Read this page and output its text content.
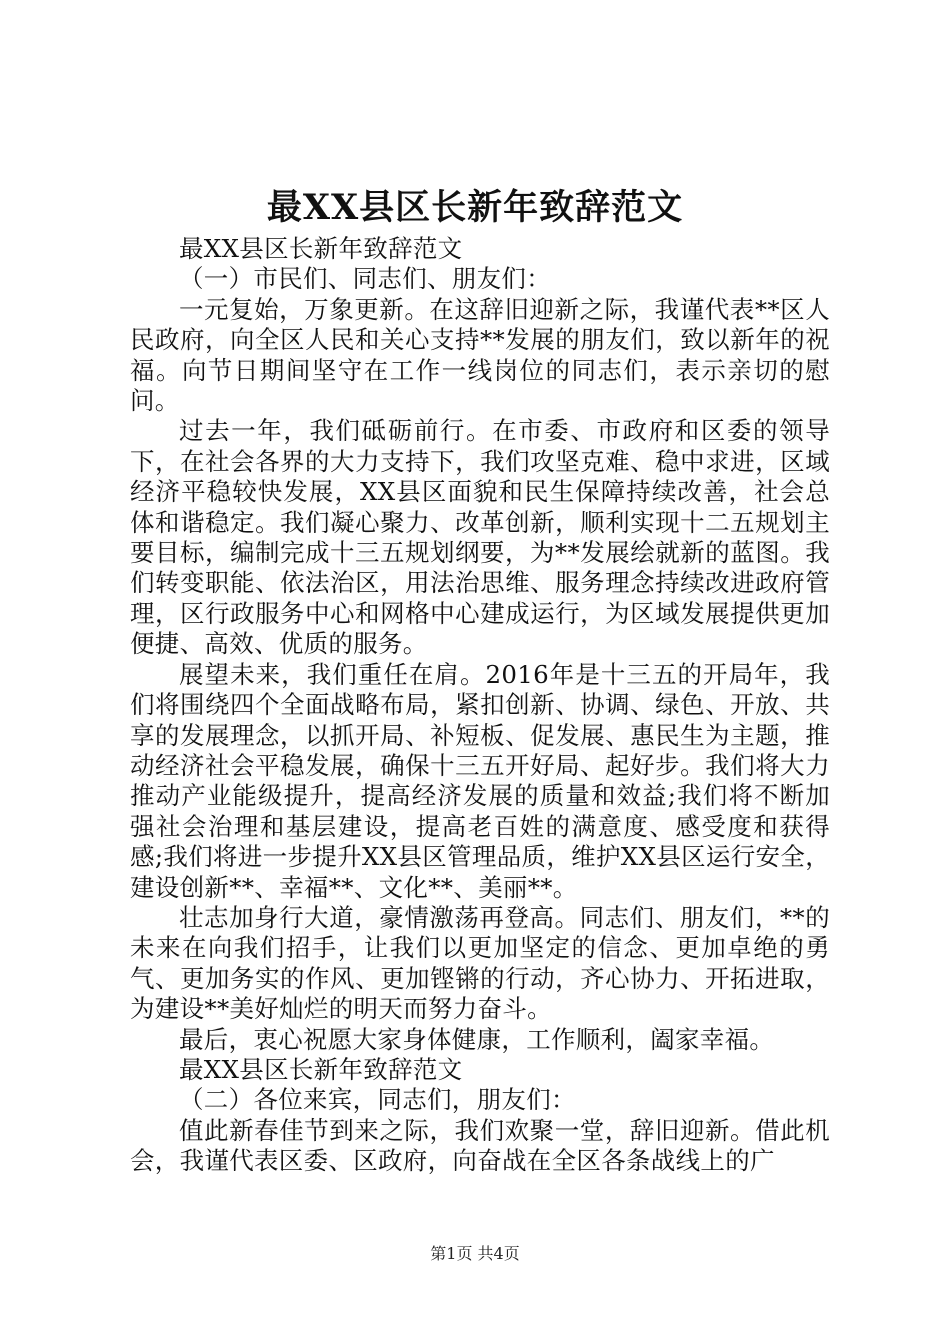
最XX县区长新年致辞范文

最XX县区长新年致辞范文

（一）市民们、同志们、朋友们：

一元复始，万象更新。在这辞旧迎新之际，我谨代表**区人民政府，向全区人民和关心支持**发展的朋友们，致以新年的祝福。向节日期间坚守在工作一线岗位的同志们，表示亲切的慰问。

过去一年，我们砥砺前行。在市委、市政府和区委的领导下，在社会各界的大力支持下，我们攻坚克难、稳中求进，区域经济平稳较快发展，XX县区面貌和民生保障持续改善，社会总体和谐稳定。我们凝心聚力、改革创新，顺利实现十二五规划主要目标，编制完成十三五规划纲要，为**发展绘就新的蓝图。我们转变职能、依法治区，用法治思维、服务理念持续改进政府管理，区行政服务中心和网格中心建成运行，为区域发展提供更加便捷、高效、优质的服务。

展望未来，我们重任在肩。2016年是十三五的开局年，我们将围绕四个全面战略布局，紧扣创新、协调、绿色、开放、共享的发展理念，以抓开局、补短板、促发展、惠民生为主题，推动经济社会平稳发展，确保十三五开好局、起好步。我们将大力推动产业能级提升，提高经济发展的质量和效益;我们将不断加强社会治理和基层建设，提高老百姓的满意度、感受度和获得感;我们将进一步提升XX县区管理品质，维护XX县区运行安全，建设创新**、幸福**、文化**、美丽**。

壮志加身行大道，豪情激荡再登高。同志们、朋友们，**的未来在向我们招手，让我们以更加坚定的信念、更加卓绝的勇气、更加务实的作风、更加铿锵的行动，齐心协力、开拓进取，为建设**美好灿烂的明天而努力奋斗。

最后，衷心祝愿大家身体健康，工作顺利，阖家幸福。

最XX县区长新年致辞范文

（二）各位来宾，同志们，朋友们：

值此新春佳节到来之际，我们欢聚一堂，辞旧迎新。借此机会，我谨代表区委、区政府，向奋战在全区各条战线上的广

第1页 共4页
